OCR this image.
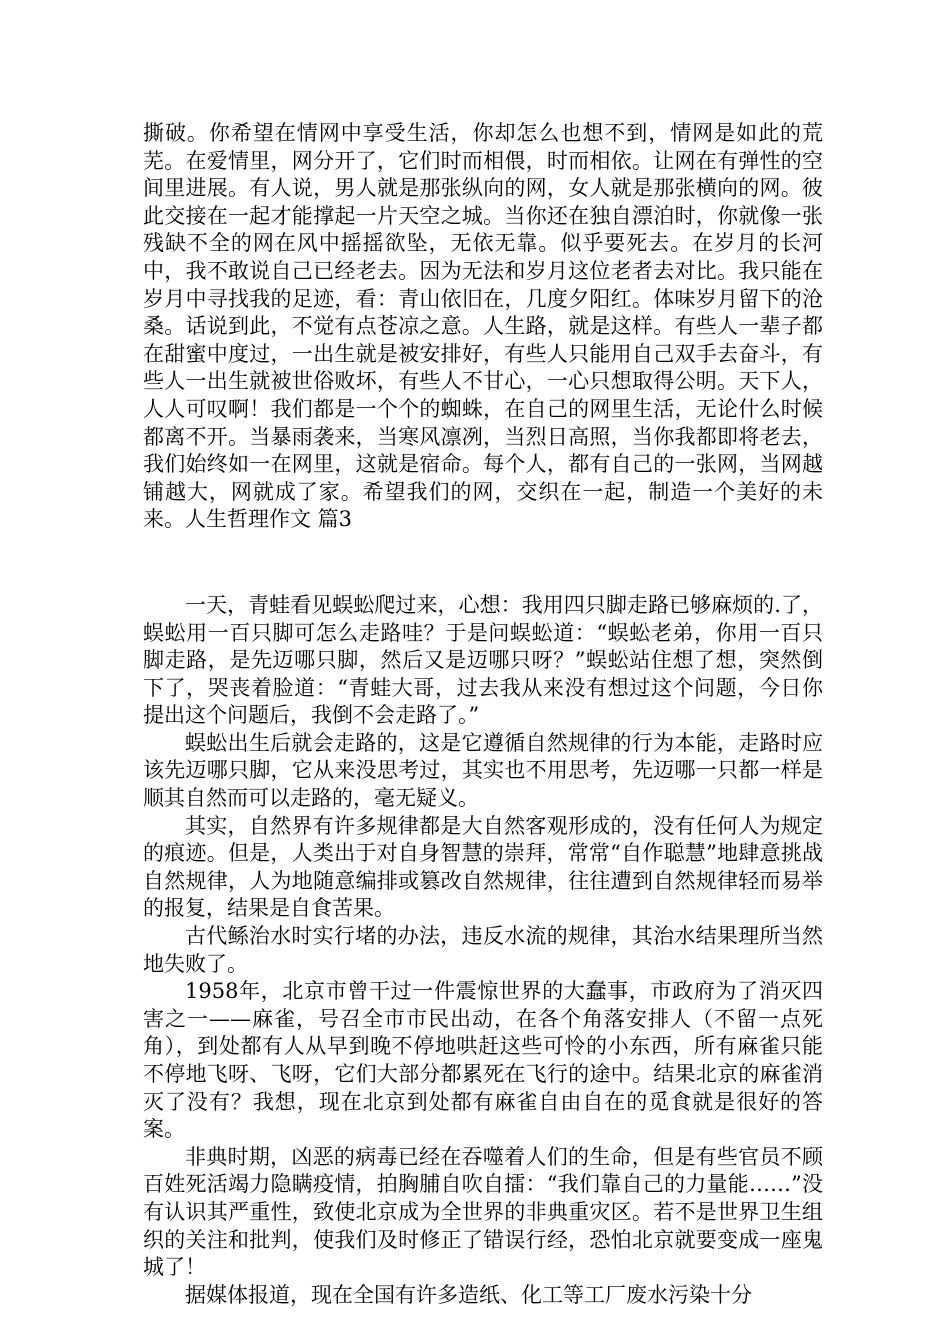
撕破。你希望在情网中享受生活，你却怎么也想不到，情网是如此的荒芜。在爱情里，网分开了，它们时而相偎，时而相依。让网在有弹性的空间里进展。有人说，男人就是那张纵向的网，女人就是那张横向的网。彼此交接在一起才能撑起一片天空之城。当你还在独自漂泊时，你就像一张残缺不全的网在风中摇摇欲坠，无依无靠。似乎要死去。在岁月的长河中，我不敢说自己已经老去。因为无法和岁月这位老者去对比。我只能在岁月中寻找我的足迹，看：青山依旧在，几度夕阳红。体味岁月留下的沧桑。话说到此，不觉有点苍凉之意。人生路，就是这样。有些人一辈子都在甜蜜中度过，一出生就是被安排好，有些人只能用自己双手去奋斗，有些人一出生就被世俗败坏，有些人不甘心，一心只想取得公明。天下人，人人可叹啊！我们都是一个个的蜘蛛，在自己的网里生活，无论什么时候都离不开。当暴雨袭来，当寒风凛冽，当烈日高照，当你我都即将老去，我们始终如一在网里，这就是宿命。每个人，都有自己的一张网，当网越铺越大，网就成了家。希望我们的网，交织在一起，制造一个美好的未来。人生哲理作文 篇3

一天，青蛙看见蜈蚣爬过来，心想：我用四只脚走路已够麻烦的.了，蜈蚣用一百只脚可怎么走路哇？于是问蜈蚣道：“蜈蚣老弟，你用一百只脚走路，是先迈哪只脚，然后又是迈哪只呀？”蜈蚣站住想了想，突然倒下了，哭丧着脸道：“青蛙大哥，过去我从来没有想过这个问题，今日你提出这个问题后，我倒不会走路了。”

蜈蚣出生后就会走路的，这是它遵循自然规律的行为本能，走路时应该先迈哪只脚，它从来没思考过，其实也不用思考，先迈哪一只都一样是顺其自然而可以走路的，毫无疑义。

其实，自然界有许多规律都是大自然客观形成的，没有任何人为规定的痕迹。但是，人类出于对自身智慧的崇拜，常常“自作聪慧”地肆意挑战自然规律，人为地随意编排或篡改自然规律，往往遭到自然规律轻而易举的报复，结果是自食苦果。

古代鲧治水时实行堵的办法，违反水流的规律，其治水结果理所当然地失败了。

1958年，北京市曾干过一件震惊世界的大蠢事，市政府为了消灭四害之一——麻雀，号召全市市民出动，在各个角落安排人（不留一点死角），到处都有人从早到晚不停地哄赶这些可怜的小东西，所有麻雀只能不停地飞呀、飞呀，它们大部分都累死在飞行的途中。结果北京的麻雀消灭了没有？我想，现在北京到处都有麻雀自由自在的觅食就是很好的答案。

非典时期，凶恶的病毒已经在吞噬着人们的生命，但是有些官员不顾百姓死活竭力隐瞒疫情，拍胸脯自吹自擂：“我们靠自己的力量能……”没有认识其严重性，致使北京成为全世界的非典重灾区。若不是世界卫生组织的关注和批判，使我们及时修正了错误行经，恐怕北京就要变成一座鬼城了！

据媒体报道，现在全国有许多造纸、化工等工厂废水污染十分
